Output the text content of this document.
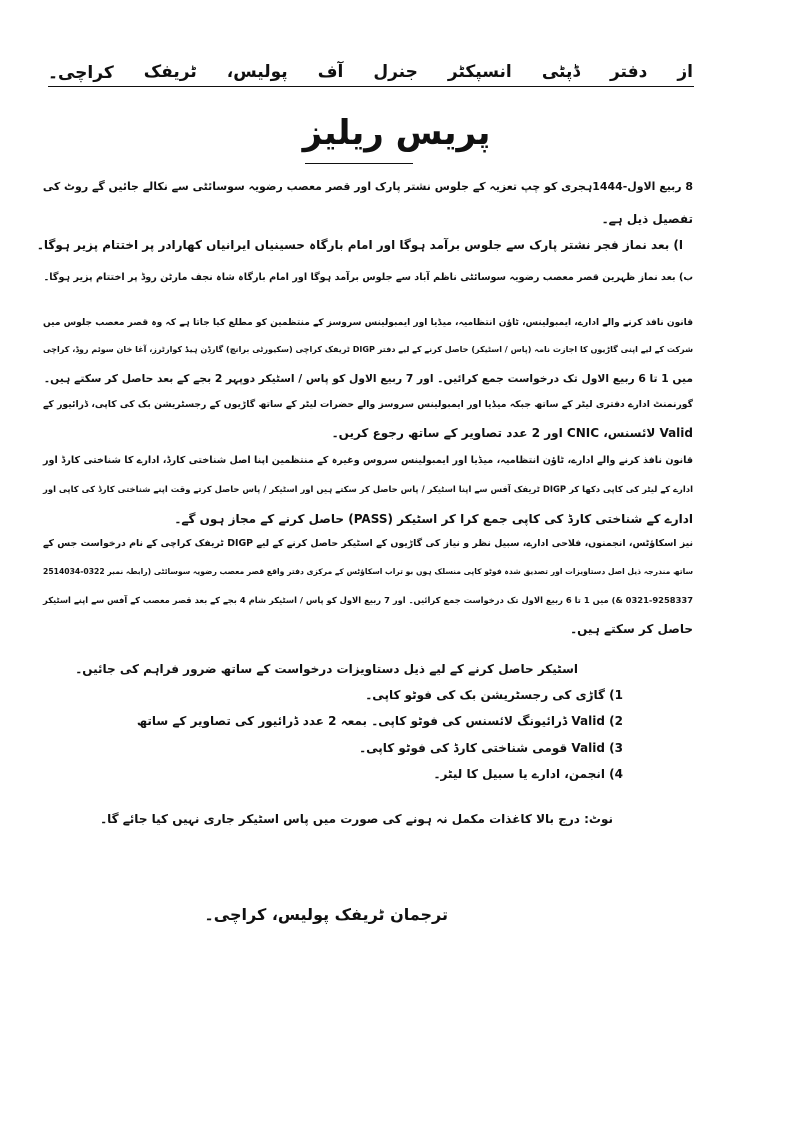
از
دفتر
ڈپٹی
انسپکٹر
جنرل
آف
پولیس،
ٹریفک
کراچی۔
پریس ریلیز
8 ربیع الاول-1444ہجری کو چپ تعزیہ کے جلوس نشتر پارک اور قصر معصب رضویہ سوسائٹی سے نکالے جائیں گے روٹ کی
تفصیل ذیل ہے۔
ا) بعد نماز فجر نشتر پارک سے جلوس برآمد ہوگا اور امام بارگاہ حسینیاں ایرانیاں کھارادر پر اختتام پزیر ہوگا۔
ب) بعد نماز ظہرین قصر معصب رضویہ سوسائٹی ناظم آباد سے جلوس برآمد ہوگا اور امام بارگاہ شاہ نجف مارٹن روڈ پر اختتام پزیر ہوگا۔
قانون نافذ کرنے والے ادارے، ایمبولینس، ٹاؤن انتظامیہ، میڈیا اور ایمبولینس سروسز کے منتظمین کو مطلع کیا جاتا ہے کہ وہ قصر معصب جلوس میں
شرکت کے لیے اپنی گاڑیوں کا اجازت نامہ (پاس / اسٹیکر) حاصل کرنے کے لیے دفتر DIGP ٹریفک کراچی (سکیورٹی برانچ) گارڈن ہیڈ کوارٹرز، آغا خان سوئم روڈ، کراچی
میں 1 تا 6 ربیع الاول تک درخواست جمع کرائیں۔ اور 7 ربیع الاول کو پاس / اسٹیکر دوپہر 2 بجے کے بعد حاصل کر سکتے ہیں۔
گورنمنٹ ادارے دفتری لیٹر کے ساتھ جبکہ میڈیا اور ایمبولینس سروسز والے حضرات لیٹر کے ساتھ گاڑیوں کے رجسٹریشن بک کی کاپی، ڈرائیور کے
Valid لائسنس، CNIC اور 2 عدد تصاویر کے ساتھ رجوع کریں۔
قانون نافذ کرنے والے ادارے، ٹاؤن انتظامیہ، میڈیا اور ایمبولینس سروس وغیرہ کے منتظمین اپنا اصل شناختی کارڈ، ادارے کا شناختی کارڈ اور
ادارے کے لیٹر کی کاپی دکھا کر DIGP ٹریفک آفس سے اپنا اسٹیکر / پاس حاصل کر سکتے ہیں اور اسٹیکر / پاس حاصل کرتے وقت اپنے شناختی کارڈ کی کاپی اور
ادارے کے شناختی کارڈ کی کاپی جمع کرا کر اسٹیکر (PASS) حاصل کرنے کے مجاز ہوں گے۔
نیز اسکاؤٹس، انجمنوں، فلاحی ادارے، سبیل نظر و نیاز کی گاڑیوں کے اسٹیکر حاصل کرنے کے لیے DIGP ٹریفک کراچی کے نام درخواست جس کے
ساتھ مندرجہ ذیل اصل دستاویزات اور تصدیق شدہ فوٹو کاپی منسلک ہوں بو تراب اسکاؤٹس کے مرکزی دفتر واقع قصر معصب رضویہ سوسائٹی (رابطہ نمبر 0322-2514034
0321-9258337 &) میں 1 تا 6 ربیع الاول تک درخواست جمع کرائیں۔ اور 7 ربیع الاول کو پاس / اسٹیکر شام 4 بجے کے بعد قصر معصب کے آفس سے اپنے اسٹیکر
حاصل کر سکتے ہیں۔
اسٹیکر حاصل کرنے کے لیے ذیل دستاویزات درخواست کے ساتھ ضرور فراہم کی جائیں۔
1) گاڑی کی رجسٹریشن بک کی فوٹو کاپی۔
2) Valid ڈرائیونگ لائسنس کی فوٹو کاپی۔ بمعہ 2 عدد ڈرائیور کی تصاویر کے ساتھ
3) Valid قومی شناختی کارڈ کی فوٹو کاپی۔
4) انجمن، ادارے یا سبیل کا لیٹر۔
نوٹ: درج بالا کاغذات مکمل نہ ہونے کی صورت میں پاس اسٹیکر جاری نہیں کیا جائے گا۔
ترجمان ٹریفک پولیس، کراچی۔
